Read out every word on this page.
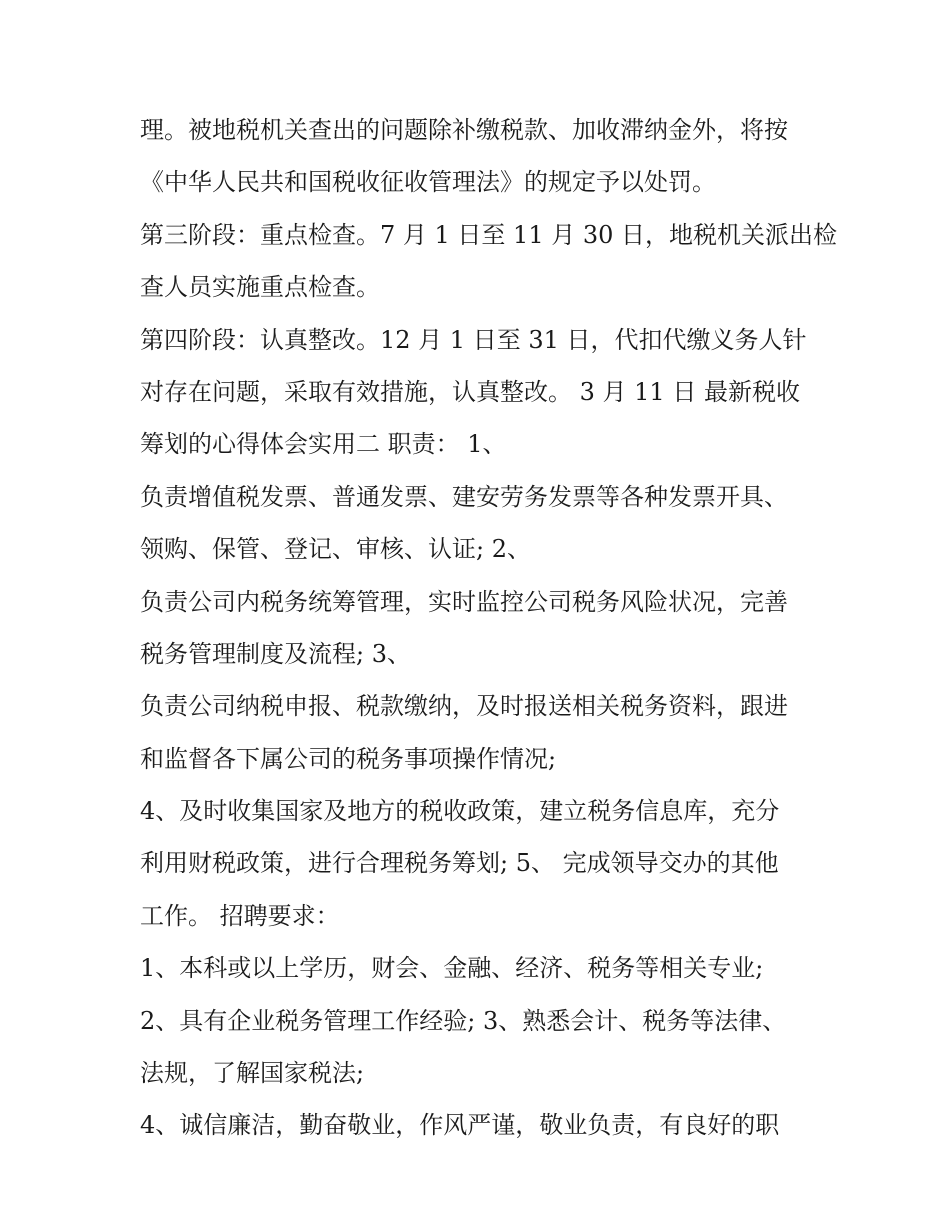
理。被地税机关查出的问题除补缴税款、加收滞纳金外，将按
《中华人民共和国税收征收管理法》的规定予以处罚。
第三阶段：重点检查。7 月 1 日至 11 月 30 日，地税机关派出检
查人员实施重点检查。
第四阶段：认真整改。12 月 1 日至 31 日，代扣代缴义务人针
对存在问题，采取有效措施，认真整改。 3 月 11 日 最新税收
筹划的心得体会实用二 职责： 1、
负责增值税发票、普通发票、建安劳务发票等各种发票开具、
领购、保管、登记、审核、认证; 2、
负责公司内税务统筹管理，实时监控公司税务风险状况，完善
税务管理制度及流程; 3、
负责公司纳税申报、税款缴纳，及时报送相关税务资料，跟进
和监督各下属公司的税务事项操作情况;
4、及时收集国家及地方的税收政策，建立税务信息库，充分
利用财税政策，进行合理税务筹划; 5、 完成领导交办的其他
工作。 招聘要求：
1、本科或以上学历，财会、金融、经济、税务等相关专业;
2、具有企业税务管理工作经验; 3、熟悉会计、税务等法律、
法规，了解国家税法;
4、诚信廉洁，勤奋敬业，作风严谨，敬业负责，有良好的职
